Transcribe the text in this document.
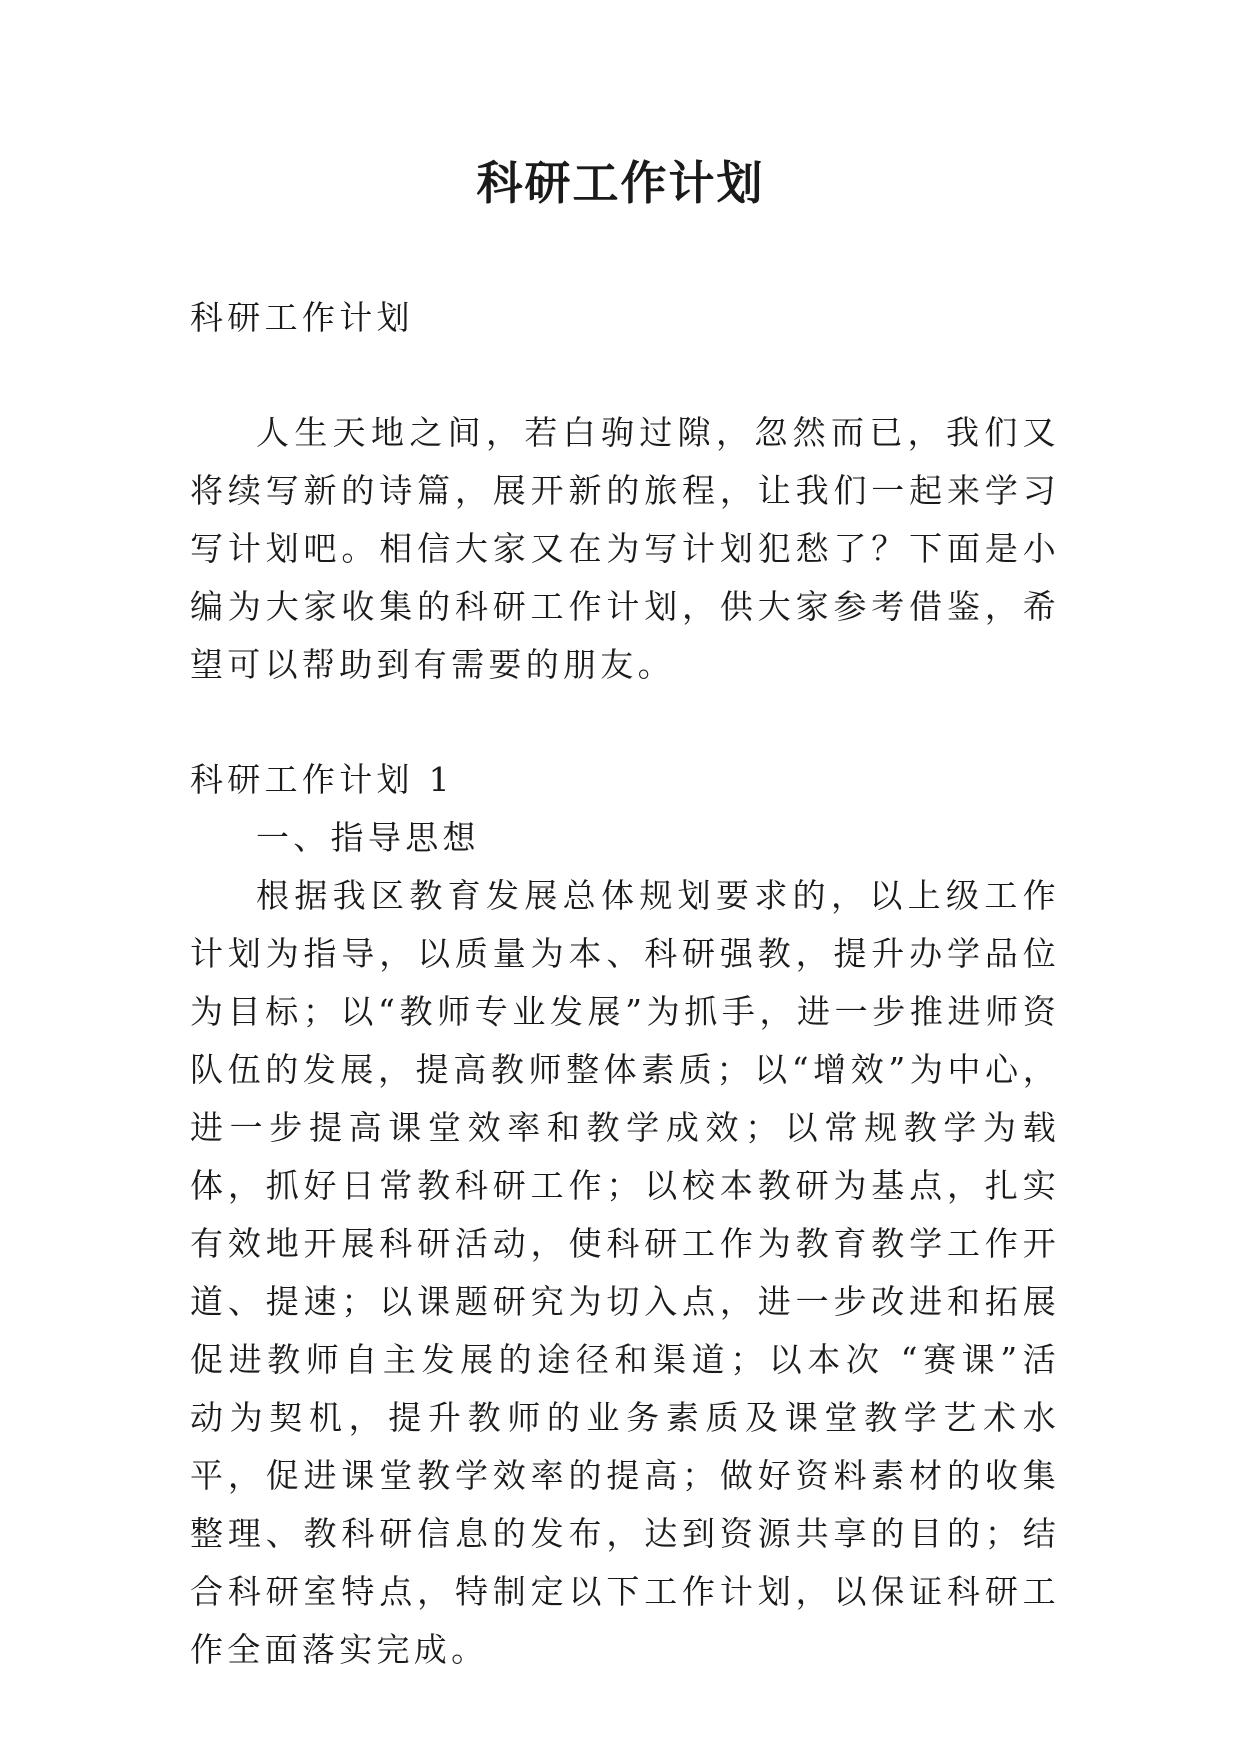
科研工作计划

科研工作计划

人生天地之间，若白驹过隙，忽然而已，我们又将续写新的诗篇，展开新的旅程，让我们一起来学习写计划吧。相信大家又在为写计划犯愁了？下面是小编为大家收集的科研工作计划，供大家参考借鉴，希望可以帮助到有需要的朋友。

科研工作计划 1

一、指导思想

根据我区教育发展总体规划要求的，以上级工作计划为指导，以质量为本、科研强教，提升办学品位为目标；以“教师专业发展”为抓手，进一步推进师资队伍的发展，提高教师整体素质；以“增效”为中心，进一步提高课堂效率和教学成效；以常规教学为载体，抓好日常教科研工作；以校本教研为基点，扎实有效地开展科研活动，使科研工作为教育教学工作开道、提速；以课题研究为切入点，进一步改进和拓展促进教师自主发展的途径和渠道；以本次 “赛课”活动为契机，提升教师的业务素质及课堂教学艺术水平，促进课堂教学效率的提高；做好资料素材的收集整理、教科研信息的发布，达到资源共享的目的；结合科研室特点，特制定以下工作计划，以保证科研工作全面落实完成。
